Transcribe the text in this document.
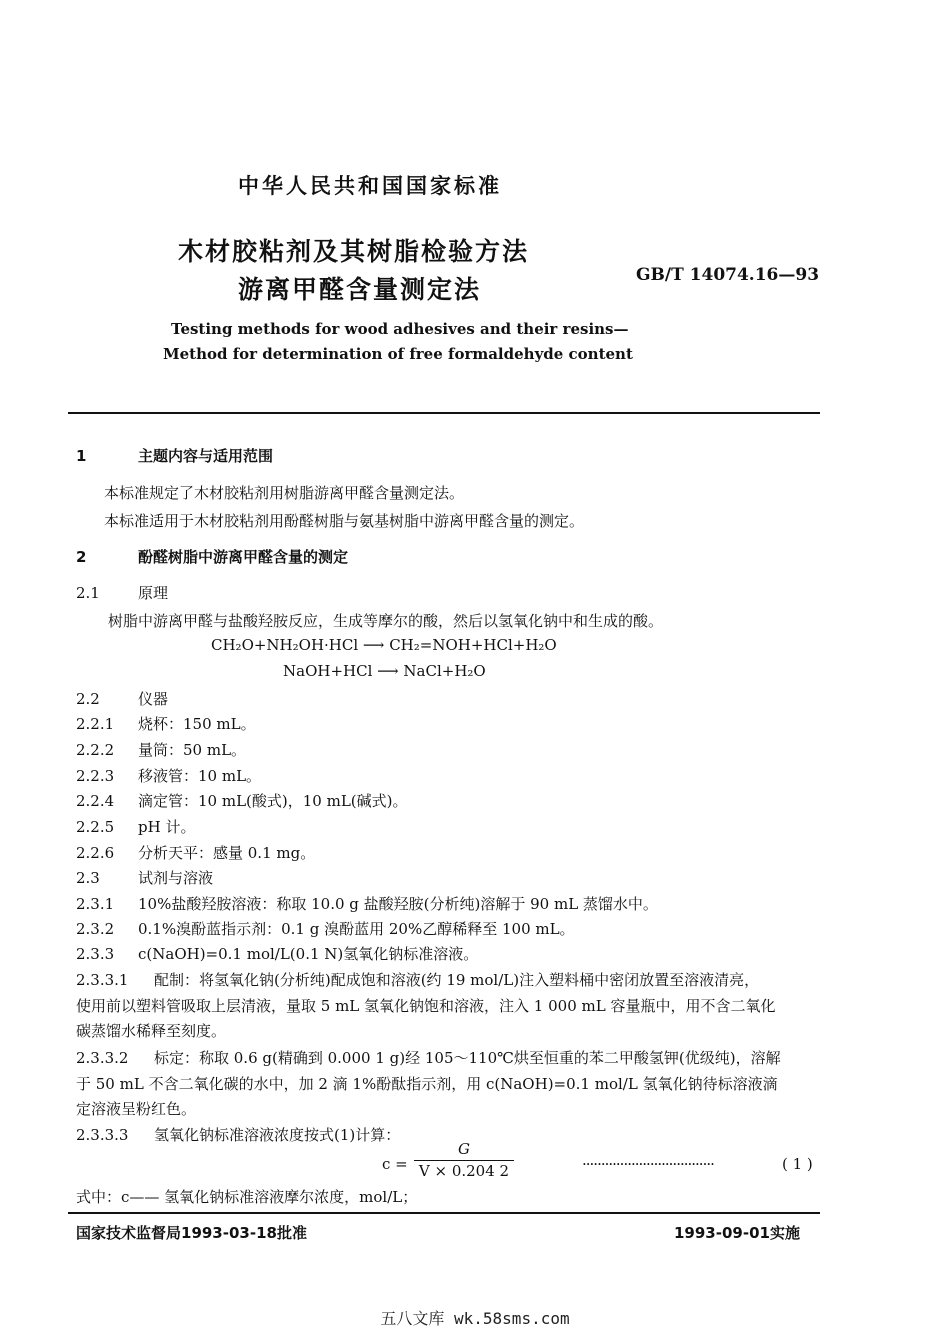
中华人民共和国国家标准
木材胶粘剂及其树脂检验方法
游离甲醛含量测定法	GB/T 14074.16—93
Testing methods for wood adhesives and their resins—
Method for determination of free formaldehyde content
1	主题内容与适用范围
本标准规定了木材胶粘剂用树脂游离甲醛含量测定法。
本标准适用于木材胶粘剂用酚醛树脂与氨基树脂中游离甲醛含量的测定。
2	酚醛树脂中游离甲醛含量的测定
2.1	原理
树脂中游离甲醛与盐酸羟胺反应，生成等摩尔的酸，然后以氢氧化钠中和生成的酸。
CH₂O+NH₂OH·HCl ⟶ CH₂=NOH+HCl+H₂O
NaOH+HCl ⟶ NaCl+H₂O
2.2	仪器
2.2.1 烧杯：150 mL。
2.2.2 量筒：50 mL。
2.2.3 移液管：10 mL。
2.2.4 滴定管：10 mL(酸式)，10 mL(碱式)。
2.2.5 pH 计。
2.2.6 分析天平：感量 0.1 mg。
2.3	试剂与溶液
2.3.1 10%盐酸羟胺溶液：称取 10.0 g 盐酸羟胺(分析纯)溶解于 90 mL 蒸馏水中。
2.3.2 0.1%溴酚蓝指示剂：0.1 g 溴酚蓝用 20%乙醇稀释至 100 mL。
2.3.3 c(NaOH)=0.1 mol/L(0.1 N)氢氧化钠标准溶液。
2.3.3.1 配制：将氢氧化钠(分析纯)配成饱和溶液(约 19 mol/L)注入塑料桶中密闭放置至溶液清亮，
使用前以塑料管吸取上层清液，量取 5 mL 氢氧化钠饱和溶液，注入 1 000 mL 容量瓶中，用不含二氧化
碳蒸馏水稀释至刻度。
2.3.3.2 标定：称取 0.6 g(精确到 0.000 1 g)经 105～110℃烘至恒重的苯二甲酸氢钾(优级纯)，溶解
于 50 mL 不含二氧化碳的水中，加 2 滴 1%酚酞指示剂，用 c(NaOH)=0.1 mol/L 氢氧化钠待标溶液滴
定溶液呈粉红色。
2.3.3.3 氢氧化钠标准溶液浓度按式(1)计算：
c =
G
V × 0.204 2	···································	( 1 )
式中：c—— 氢氧化钠标准溶液摩尔浓度，mol/L；
国家技术监督局1993-03-18批准	1993-09-01实施
五八文库 wk.58sms.com
